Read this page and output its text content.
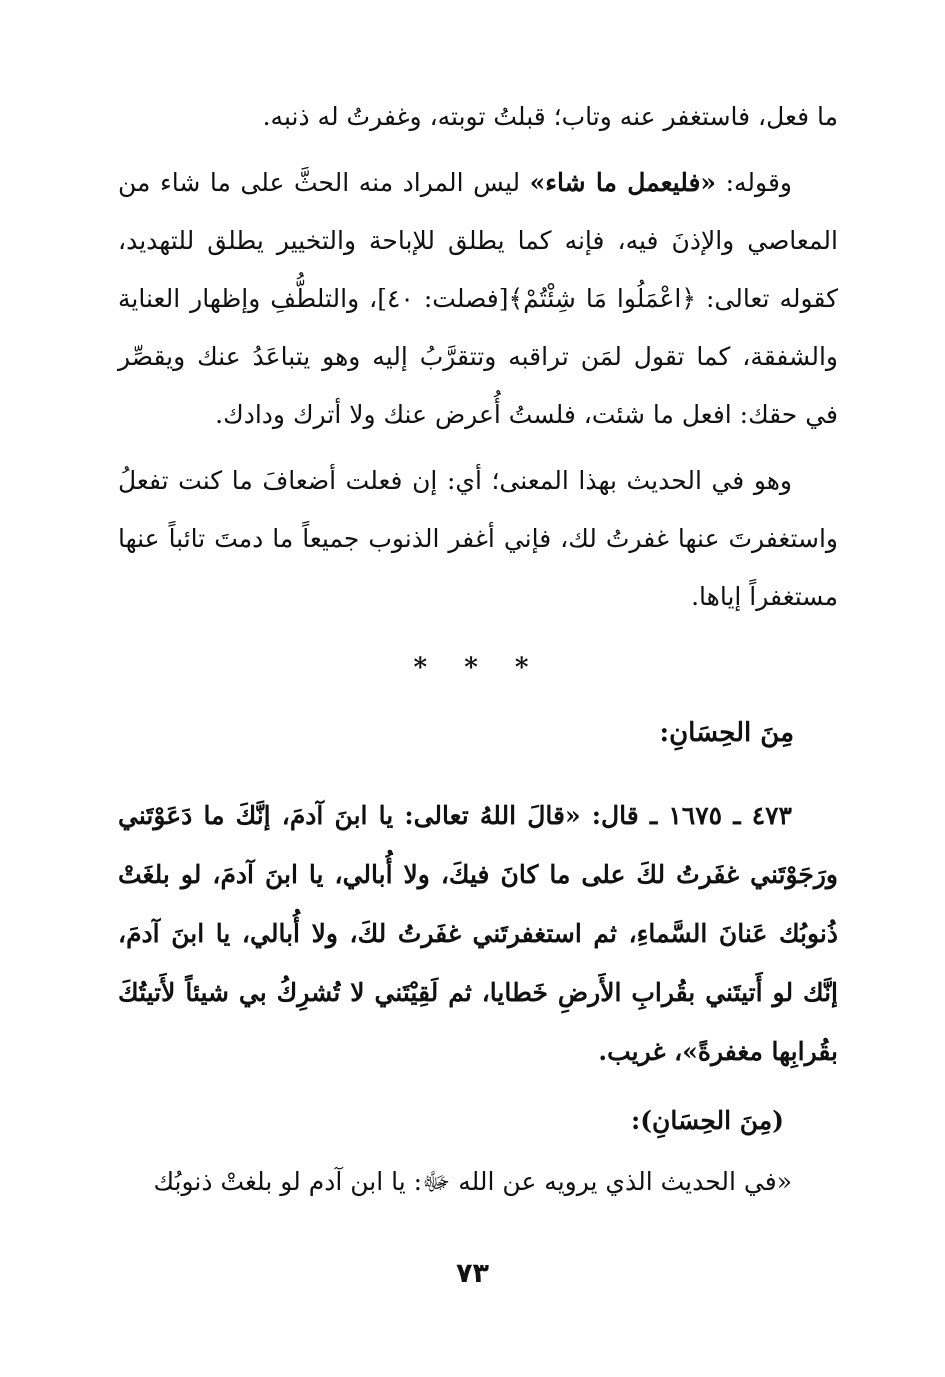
ما فعل، فاستغفر عنه وتاب؛ قبلتُ توبته، وغفرتُ له ذنبه.

وقوله: «فليعمل ما شاء» ليس المراد منه الحثَّ على ما شاء من المعاصي والإذنَ فيه، فإنه كما يطلق للإباحة والتخيير يطلق للتهديد، كقوله تعالى: ﴿اعْمَلُوا مَا شِئْتُمْ﴾[فصلت: ٤٠]، والتلطُّفِ وإظهار العناية والشفقة، كما تقول لمَن تراقبه وتتقرَّبُ إليه وهو يتباعَدُ عنك ويقصِّر في حقك: افعل ما شئت، فلستُ أُعرض عنك ولا أترك ودادك.

وهو في الحديث بهذا المعنى؛ أي: إن فعلت أضعافَ ما كنت تفعلُ واستغفرتَ عنها غفرتُ لك، فإني أغفر الذنوب جميعاً ما دمتَ تائباً عنها مستغفراً إياها.

* * *
مِنَ الحِسَانِ:

٤٧٣ ـ ١٦٧٥ ـ قال: «قالَ اللهُ تعالى: يا ابنَ آدمَ، إنَّكَ ما دَعَوْتَني ورَجَوْتَني غفَرتُ لكَ على ما كانَ فيكَ، ولا أُبالي، يا ابنَ آدمَ، لو بلغَتْ ذُنوبُك عَنانَ السَّماءِ، ثم استغفرتَني غفَرتُ لكَ، ولا أُبالي، يا ابنَ آدمَ، إنَّك لو أَتيتَني بقُرابِ الأَرضِ خَطايا، ثم لَقِيْتَني لا تُشرِكُ بي شيئاً لأَتيتُكَ بقُرابِها مغفرةً»، غريب.

(مِنَ الحِسَانِ):

«في الحديث الذي يرويه عن الله ﷻ: يا ابن آدم لو بلغتْ ذنوبُك

٧٣
